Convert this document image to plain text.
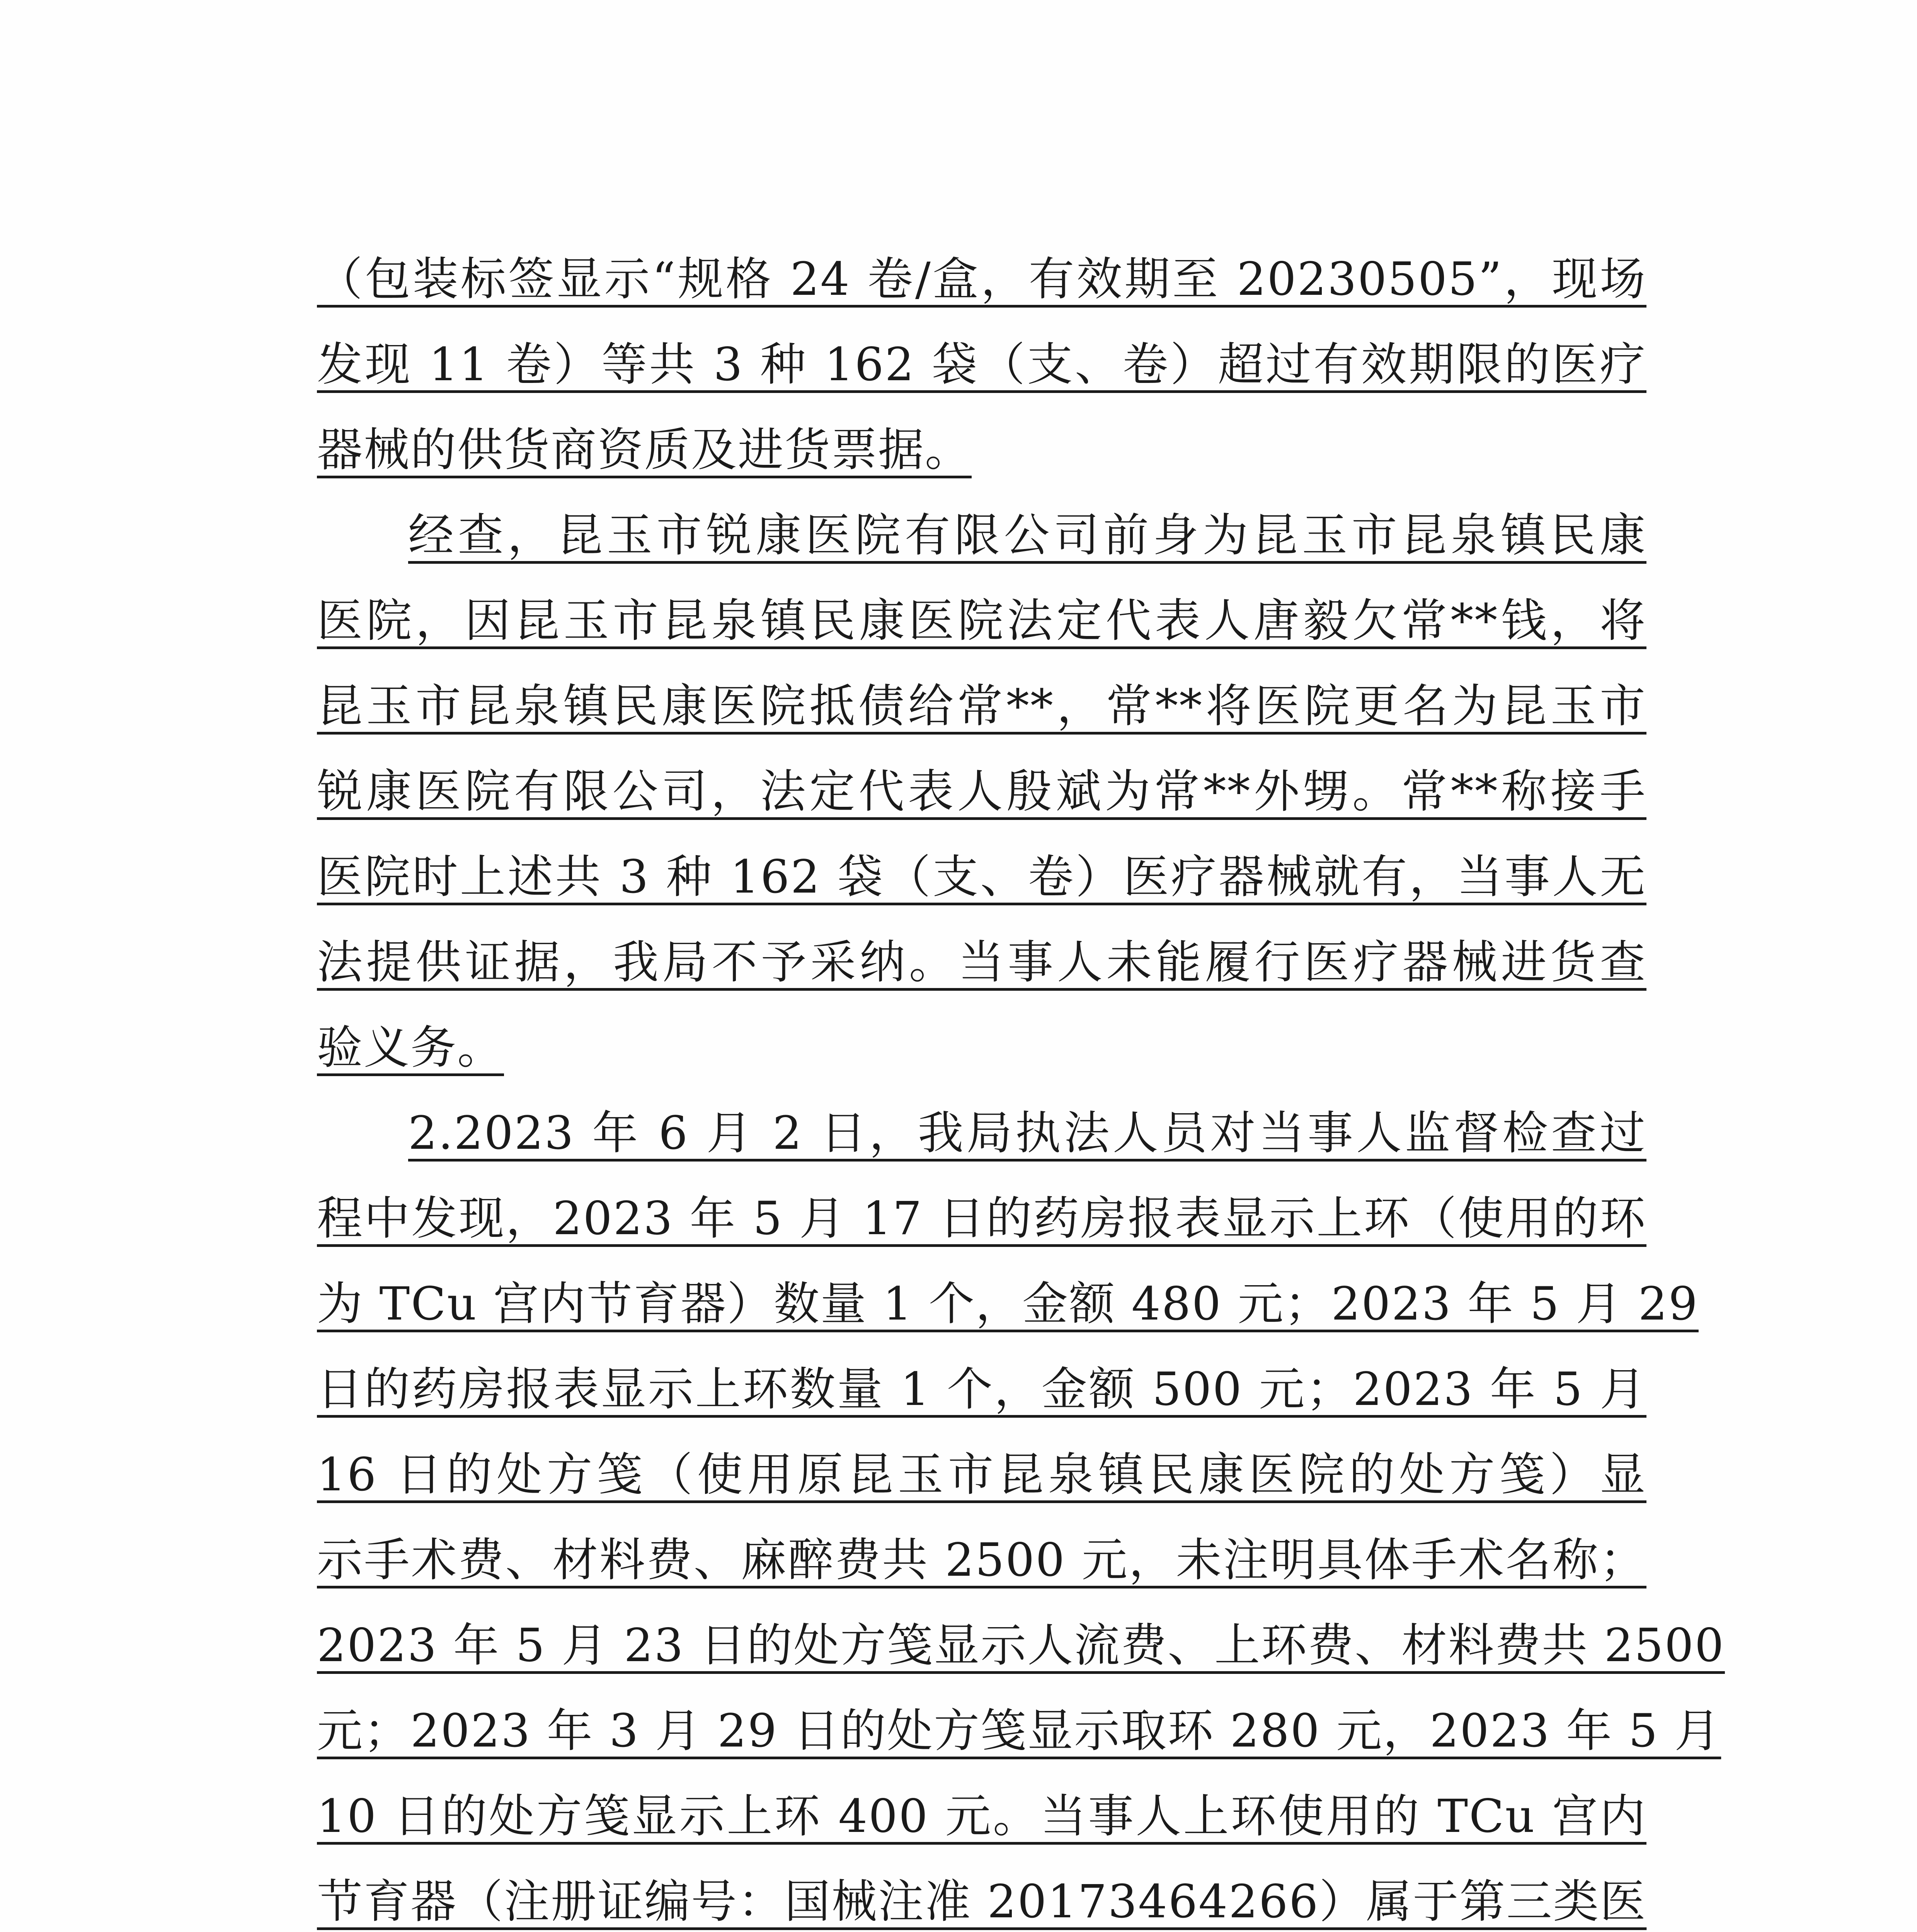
（包装标签显示“规格 24 卷/盒，有效期至 20230505”，现场
发现 11 卷）等共 3 种 162 袋（支、卷）超过有效期限的医疗
器械的供货商资质及进货票据。
经查，昆玉市锐康医院有限公司前身为昆玉市昆泉镇民康
医院，因昆玉市昆泉镇民康医院法定代表人唐毅欠常**钱，将
昆玉市昆泉镇民康医院抵债给常**，常**将医院更名为昆玉市
锐康医院有限公司，法定代表人殷斌为常**外甥。常**称接手
医院时上述共 3 种 162 袋（支、卷）医疗器械就有，当事人无
法提供证据，我局不予采纳。当事人未能履行医疗器械进货查
验义务。
2.2023 年 6 月 2 日，我局执法人员对当事人监督检查过
程中发现，2023 年 5 月 17 日的药房报表显示上环（使用的环
为 TCu 宫内节育器）数量 1 个，金额 480 元；2023 年 5 月 29
日的药房报表显示上环数量 1 个，金额 500 元；2023 年 5 月
16 日的处方笺（使用原昆玉市昆泉镇民康医院的处方笺）显
示手术费、材料费、麻醉费共 2500 元，未注明具体手术名称；
2023 年 5 月 23 日的处方笺显示人流费、上环费、材料费共 2500
元；2023 年 3 月 29 日的处方笺显示取环 280 元，2023 年 5 月
10 日的处方笺显示上环 400 元。当事人上环使用的 TCu 宫内
节育器（注册证编号：国械注准 20173464266）属于第三类医
